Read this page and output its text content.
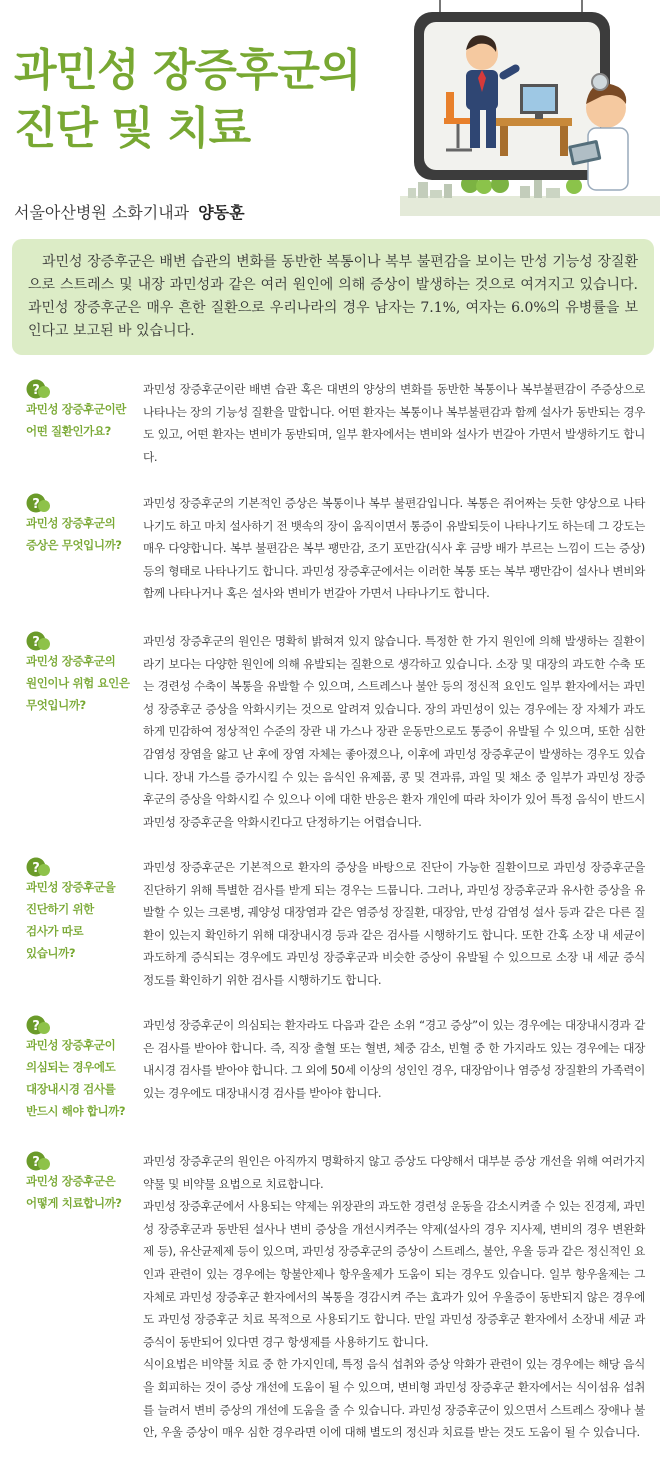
과민성 장증후군의
진단 및 치료
서울아산병원 소화기내과 양동훈

과민성 장증후군은 배변 습관의 변화를 동반한 복통이나 복부 불편감을 보이는 만성 기능성 장질환으로 스트레스 및 내장 과민성과 같은 여러 원인에 의해 증상이 발생하는 것으로 여겨지고 있습니다. 과민성 장증후군은 매우 흔한 질환으로 우리나라의 경우 남자는 7.1%, 여자는 6.0%의 유병률을 보인다고 보고된 바 있습니다.

?
과민성 장증후군이란
어떤 질환인가요?

과민성 장증후군이란 배변 습관 혹은 대변의 양상의 변화를 동반한 복통이나 복부불편감이 주증상으로 나타나는 장의 기능성 질환을 말합니다. 어떤 환자는 복통이나 복부불편감과 함께 설사가 동반되는 경우도 있고, 어떤 환자는 변비가 동반되며, 일부 환자에서는 변비와 설사가 번갈아 가면서 발생하기도 합니다.

?
과민성 장증후군의
증상은 무엇입니까?

과민성 장증후군의 기본적인 증상은 복통이나 복부 불편감입니다. 복통은 쥐어짜는 듯한 양상으로 나타나기도 하고 마치 설사하기 전 뱃속의 장이 움직이면서 통증이 유발되듯이 나타나기도 하는데 그 강도는 매우 다양합니다. 복부 불편감은 복부 팽만감, 조기 포만감(식사 후 금방 배가 부르는 느낌이 드는 증상) 등의 형태로 나타나기도 합니다. 과민성 장증후군에서는 이러한 복통 또는 복부 팽만감이 설사나 변비와 함께 나타나거나 혹은 설사와 변비가 번갈아 가면서 나타나기도 합니다.

?
과민성 장증후군의
원인이나 위험 요인은
무엇입니까?

과민성 장증후군의 원인은 명확히 밝혀져 있지 않습니다. 특정한 한 가지 원인에 의해 발생하는 질환이라기 보다는 다양한 원인에 의해 유발되는 질환으로 생각하고 있습니다. 소장 및 대장의 과도한 수축 또는 경련성 수축이 복통을 유발할 수 있으며, 스트레스나 불안 등의 정신적 요인도 일부 환자에서는 과민성 장증후군 증상을 악화시키는 것으로 알려져 있습니다. 장의 과민성이 있는 경우에는 장 자체가 과도하게 민감하여 정상적인 수준의 장관 내 가스나 장관 운동만으로도 통증이 유발될 수 있으며, 또한 심한 감염성 장염을 앓고 난 후에 장염 자체는 좋아졌으나, 이후에 과민성 장증후군이 발생하는 경우도 있습니다. 장내 가스를 증가시킬 수 있는 음식인 유제품, 콩 및 견과류, 과일 및 채소 중 일부가 과민성 장증후군의 증상을 악화시킬 수 있으나 이에 대한 반응은 환자 개인에 따라 차이가 있어 특정 음식이 반드시 과민성 장증후군을 악화시킨다고 단정하기는 어렵습니다.

?
과민성 장증후군을
진단하기 위한
검사가 따로
있습니까?

과민성 장증후군은 기본적으로 환자의 증상을 바탕으로 진단이 가능한 질환이므로 과민성 장증후군을 진단하기 위해 특별한 검사를 받게 되는 경우는 드뭅니다. 그러나, 과민성 장증후군과 유사한 증상을 유발할 수 있는 크론병, 궤양성 대장염과 같은 염증성 장질환, 대장암, 만성 감염성 설사 등과 같은 다른 질환이 있는지 확인하기 위해 대장내시경 등과 같은 검사를 시행하기도 합니다. 또한 간혹 소장 내 세균이 과도하게 증식되는 경우에도 과민성 장증후군과 비슷한 증상이 유발될 수 있으므로 소장 내 세균 증식 정도를 확인하기 위한 검사를 시행하기도 합니다.

?
과민성 장증후군이
의심되는 경우에도
대장내시경 검사를
반드시 해야 합니까?

과민성 장증후군이 의심되는 환자라도 다음과 같은 소위 “경고 증상”이 있는 경우에는 대장내시경과 같은 검사를 받아야 합니다. 즉, 직장 출혈 또는 혈변, 체중 감소, 빈혈 중 한 가지라도 있는 경우에는 대장내시경 검사를 받아야 합니다. 그 외에 50세 이상의 성인인 경우, 대장암이나 염증성 장질환의 가족력이 있는 경우에도 대장내시경 검사를 받아야 합니다.

?
과민성 장증후군은
어떻게 치료합니까?

과민성 장증후군의 원인은 아직까지 명확하지 않고 증상도 다양해서 대부분 증상 개선을 위해 여러가지 약물 및 비약물 요법으로 치료합니다.

과민성 장증후군에서 사용되는 약제는 위장관의 과도한 경련성 운동을 감소시켜줄 수 있는 진경제, 과민성 장증후군과 동반된 설사나 변비 증상을 개선시켜주는 약제(설사의 경우 지사제, 변비의 경우 변완화제 등), 유산균제제 등이 있으며, 과민성 장증후군의 증상이 스트레스, 불안, 우울 등과 같은 정신적인 요인과 관련이 있는 경우에는 항불안제나 항우울제가 도움이 되는 경우도 있습니다. 일부 항우울제는 그 자체로 과민성 장증후군 환자에서의 복통을 경감시켜 주는 효과가 있어 우울증이 동반되지 않은 경우에도 과민성 장증후군 치료 목적으로 사용되기도 합니다. 만일 과민성 장증후군 환자에서 소장내 세균 과증식이 동반되어 있다면 경구 항생제를 사용하기도 합니다.

식이요법은 비약물 치료 중 한 가지인데, 특정 음식 섭취와 증상 악화가 관련이 있는 경우에는 해당 음식을 회피하는 것이 증상 개선에 도움이 될 수 있으며, 변비형 과민성 장증후군 환자에서는 식이섬유 섭취를 늘려서 변비 증상의 개선에 도움을 줄 수 있습니다. 과민성 장증후군이 있으면서 스트레스 장애나 불안, 우울 증상이 매우 심한 경우라면 이에 대해 별도의 정신과 치료를 받는 것도 도움이 될 수 있습니다.
